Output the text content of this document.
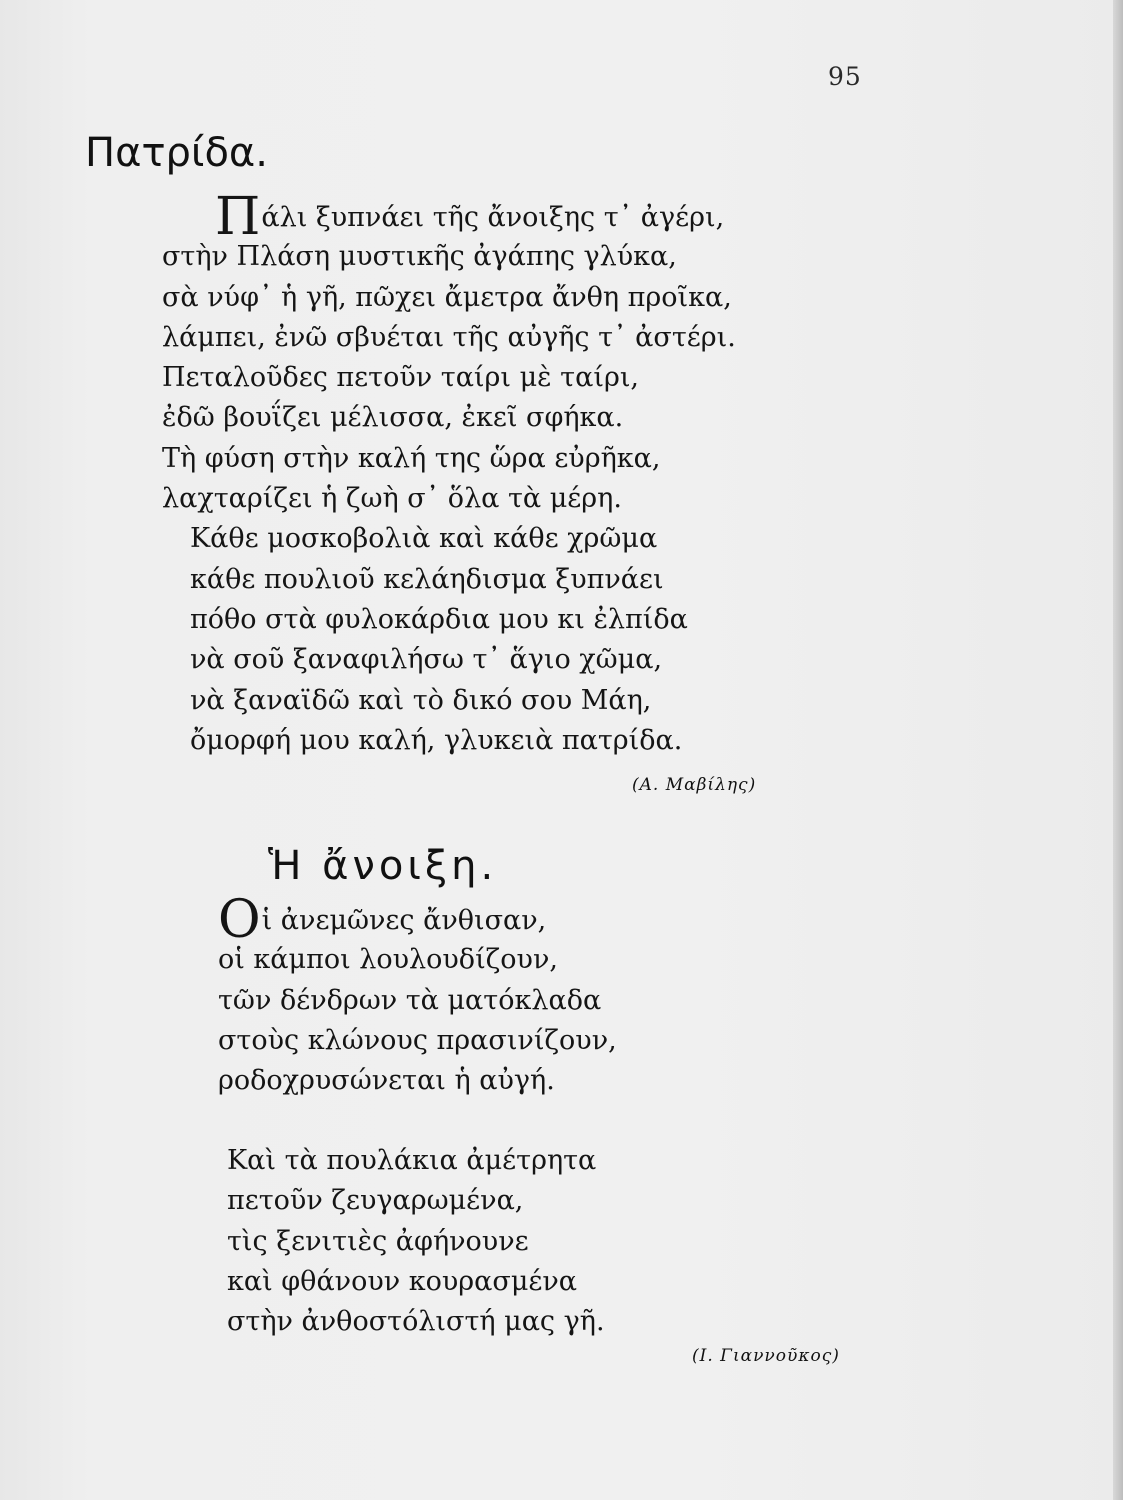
95
Πατρίδα.
Πάλι ξυπνάει τῆς ἄνοιξης τ᾽ ἀγέρι,
στὴν Πλάση μυστικῆς ἀγάπης γλύκα,
σὰ νύφ᾽ ἡ γῆ, πῶχει ἄμετρα ἄνθη προῖκα,
λάμπει, ἐνῶ σβυέται τῆς αὐγῆς τ᾽ ἀστέρι.
Πεταλοῦδες πετοῦν ταίρι μὲ ταίρι,
ἐδῶ βουΐζει μέλισσα, ἐκεῖ σφήκα.
Τὴ φύση στὴν καλή της ὥρα εὐρῆκα,
λαχταρίζει ἡ ζωὴ σ᾽ ὅλα τὰ μέρη.
Κάθε μοσκοβολιὰ καὶ κάθε χρῶμα
κάθε πουλιοῦ κελάηδισμα ξυπνάει
πόθο στὰ φυλοκάρδια μου κι ἐλπίδα
νὰ σοῦ ξαναφιλήσω τ᾽ ἅγιο χῶμα,
νὰ ξαναϊδῶ καὶ τὸ δικό σου Μάη,
ὄμορφή μου καλή, γλυκειὰ πατρίδα.
(Α. Μαβίλης)
Ἡ ἄνοιξη.
Οἱ ἀνεμῶνες ἄνθισαν,
οἱ κάμποι λουλουδίζουν,
τῶν δένδρων τὰ ματόκλαδα
στοὺς κλώνους πρασινίζουν,
ροδοχρυσώνεται ἡ αὐγή.
Καὶ τὰ πουλάκια ἀμέτρητα
πετοῦν ζευγαρωμένα,
τὶς ξενιτιὲς ἀφήνουνε
καὶ φθάνουν κουρασμένα
στὴν ἀνθοστόλιστή μας γῆ.
(Ι. Γιαννοῦκος)
